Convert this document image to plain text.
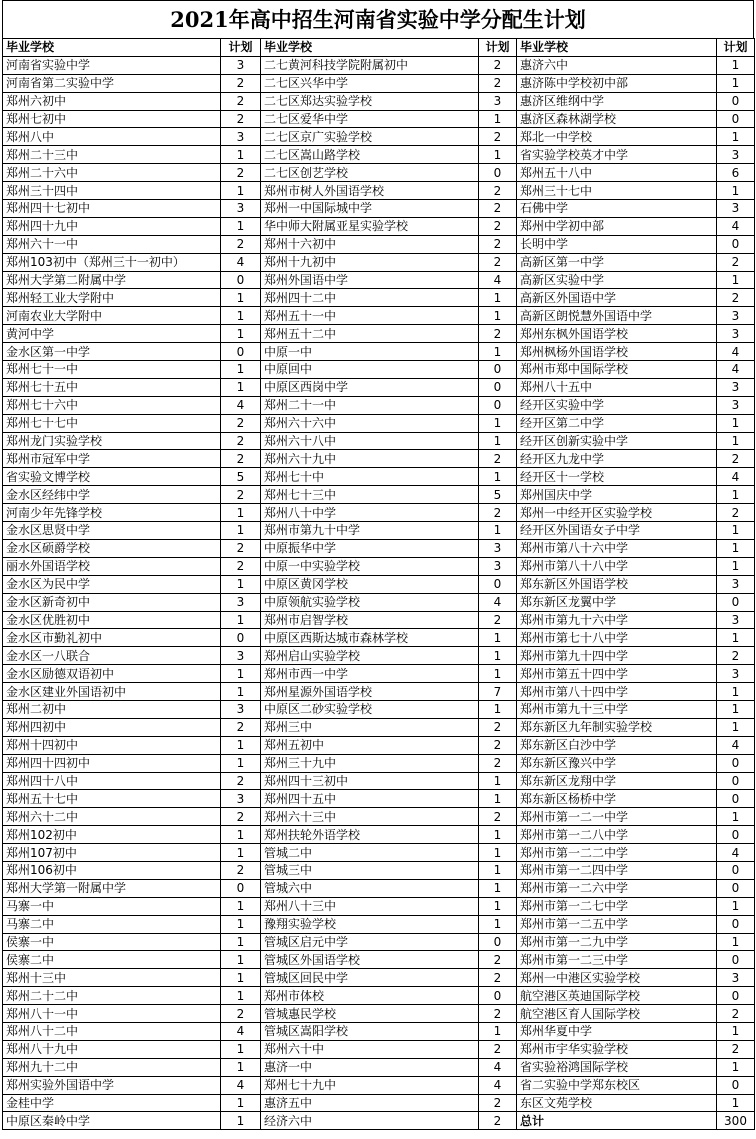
2021年高中招生河南省实验中学分配生计划
毕业学校	计划	毕业学校	计划	毕业学校	计划
河南省实验中学	3	二七黄河科技学院附属初中	2	惠济六中	1
河南省第二实验中学	2	二七区兴华中学	2	惠济陈中学校初中部	1
郑州六初中	2	二七区郑达实验学校	3	惠济区维纲中学	0
郑州七初中	2	二七区爱华中学	1	惠济区森林湖学校	0
郑州八中	3	二七区京广实验学校	2	郑北一中学校	1
郑州二十三中	1	二七区嵩山路学校	1	省实验学校英才中学	3
郑州二十六中	2	二七区创艺学校	0	郑州五十八中	6
郑州三十四中	1	郑州市树人外国语学校	2	郑州三十七中	1
郑州四十七初中	3	郑州一中国际城中学	2	石佛中学	3
郑州四十九中	1	华中师大附属亚星实验学校	2	郑州中学初中部	4
郑州六十一中	2	郑州十六初中	2	长明中学	0
郑州103初中（郑州三十一初中）	4	郑州十九初中	2	高新区第一中学	2
郑州大学第二附属中学	0	郑州外国语中学	4	高新区实验中学	1
郑州轻工业大学附中	1	郑州四十二中	1	高新区外国语中学	2
河南农业大学附中	1	郑州五十一中	1	高新区朗悦慧外国语中学	3
黄河中学	1	郑州五十二中	2	郑州东枫外国语学校	3
金水区第一中学	0	中原一中	1	郑州枫杨外国语学校	4
郑州七十一中	1	中原回中	0	郑州市郑中国际学校	4
郑州七十五中	1	中原区西岗中学	0	郑州八十五中	3
郑州七十六中	4	郑州二十一中	0	经开区实验中学	3
郑州七十七中	2	郑州六十六中	1	经开区第二中学	1
郑州龙门实验学校	2	郑州六十八中	1	经开区创新实验中学	1
郑州市冠军中学	2	郑州六十九中	2	经开区九龙中学	2
省实验文博学校	5	郑州七十中	1	经开区十一学校	4
金水区经纬中学	2	郑州七十三中	5	郑州国庆中学	1
河南少年先锋学校	1	郑州八十中学	2	郑州一中经开区实验学校	2
金水区思贤中学	1	郑州市第九十中学	1	经开区外国语女子中学	1
金水区硕爵学校	2	中原振华中学	3	郑州市第八十六中学	1
丽水外国语学校	2	中原一中实验学校	3	郑州市第八十八中学	1
金水区为民中学	1	中原区黄冈学校	0	郑东新区外国语学校	3
金水区新奇初中	3	中原领航实验学校	4	郑东新区龙翼中学	0
金水区优胜初中	1	郑州市启智学校	2	郑州市第九十六中学	3
金水区市勤礼初中	0	中原区西斯达城市森林学校	1	郑州市第七十八中学	1
金水区一八联合	3	郑州启山实验学校	1	郑州市第九十四中学	2
金水区励德双语初中	1	郑州市西一中学	1	郑州市第五十四中学	3
金水区建业外国语初中	1	郑州星源外国语学校	7	郑州市第八十四中学	1
郑州二初中	3	中原区二砂实验学校	1	郑州市第九十三中学	1
郑州四初中	2	郑州三中	2	郑东新区九年制实验学校	1
郑州十四初中	1	郑州五初中	2	郑东新区白沙中学	4
郑州四十四初中	1	郑州三十九中	2	郑东新区豫兴中学	0
郑州四十八中	2	郑州四十三初中	1	郑东新区龙翔中学	0
郑州五十七中	3	郑州四十五中	1	郑东新区杨桥中学	0
郑州六十二中	2	郑州六十三中	2	郑州市第一二一中学	1
郑州102初中	1	郑州扶轮外语学校	1	郑州市第一二八中学	0
郑州107初中	1	管城二中	1	郑州市第一二二中学	4
郑州106初中	2	管城三中	1	郑州市第一二四中学	0
郑州大学第一附属中学	0	管城六中	1	郑州市第一二六中学	0
马寨一中	1	郑州八十三中	1	郑州市第一二七中学	1
马寨二中	1	豫翔实验学校	1	郑州市第一二五中学	0
侯寨一中	1	管城区启元中学	0	郑州市第一二九中学	1
侯寨二中	1	管城区外国语学校	2	郑州市第一二三中学	0
郑州十三中	1	管城区回民中学	2	郑州一中港区实验学校	3
郑州二十二中	1	郑州市体校	0	航空港区英迪国际学校	0
郑州八十一中	2	管城惠民学校	2	航空港区育人国际学校	2
郑州八十二中	4	管城区嵩阳学校	1	郑州华夏中学	1
郑州八十九中	1	郑州六十中	2	郑州市宇华实验学校	2
郑州九十二中	1	惠济一中	4	省实验裕鸿国际学校	1
郑州实验外国语中学	4	郑州七十九中	4	省二实验中学郑东校区	0
金桂中学	1	惠济五中	2	东区文苑学校	1
中原区秦岭中学	1	经济六中	2	总计	300
